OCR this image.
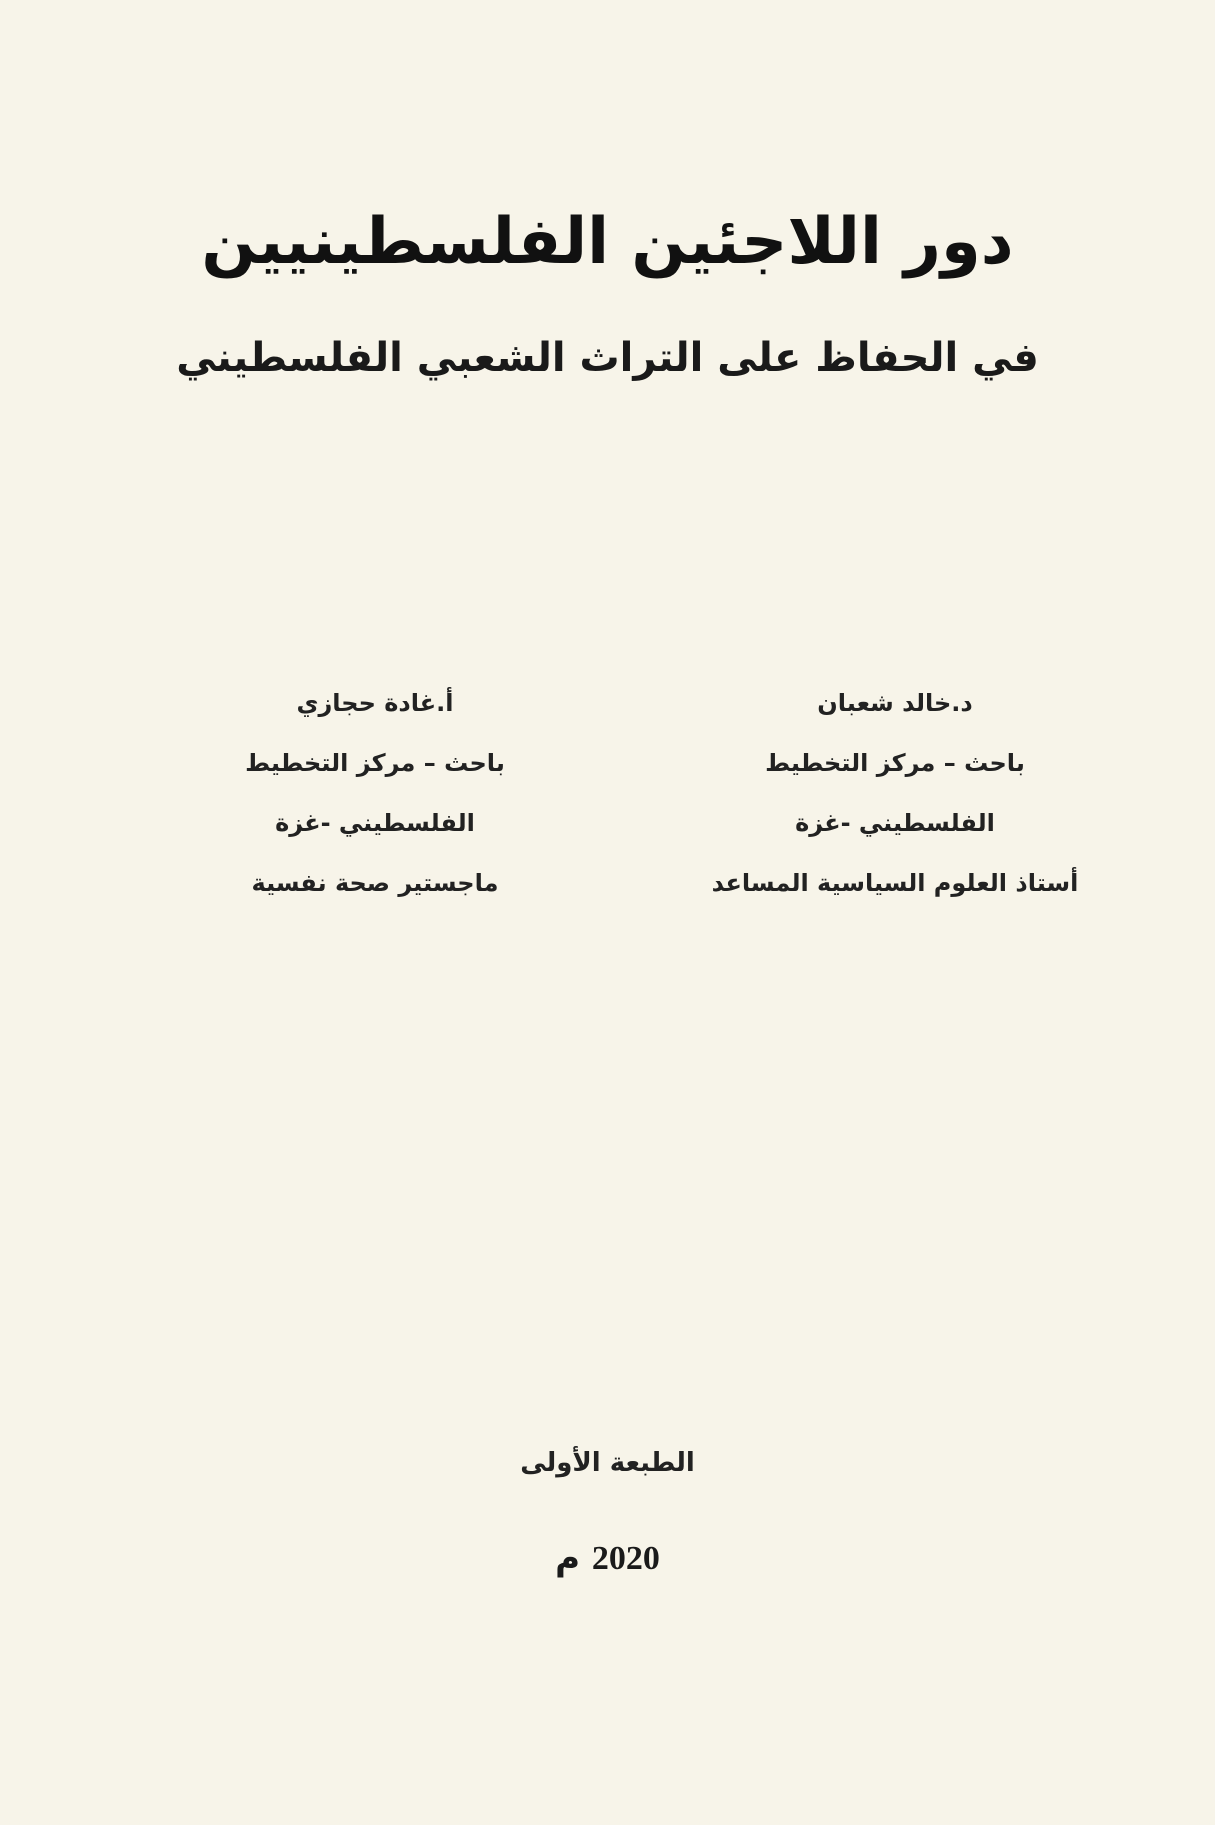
دور اللاجئين الفلسطينيين
في الحفاظ على التراث الشعبي الفلسطيني
د.خالد شعبان
باحث – مركز التخطيط
الفلسطيني -غزة
أستاذ العلوم السياسية المساعد
أ.غادة حجازي
باحث – مركز التخطيط
الفلسطيني -غزة
ماجستير صحة نفسية
الطبعة الأولى
2020 م
